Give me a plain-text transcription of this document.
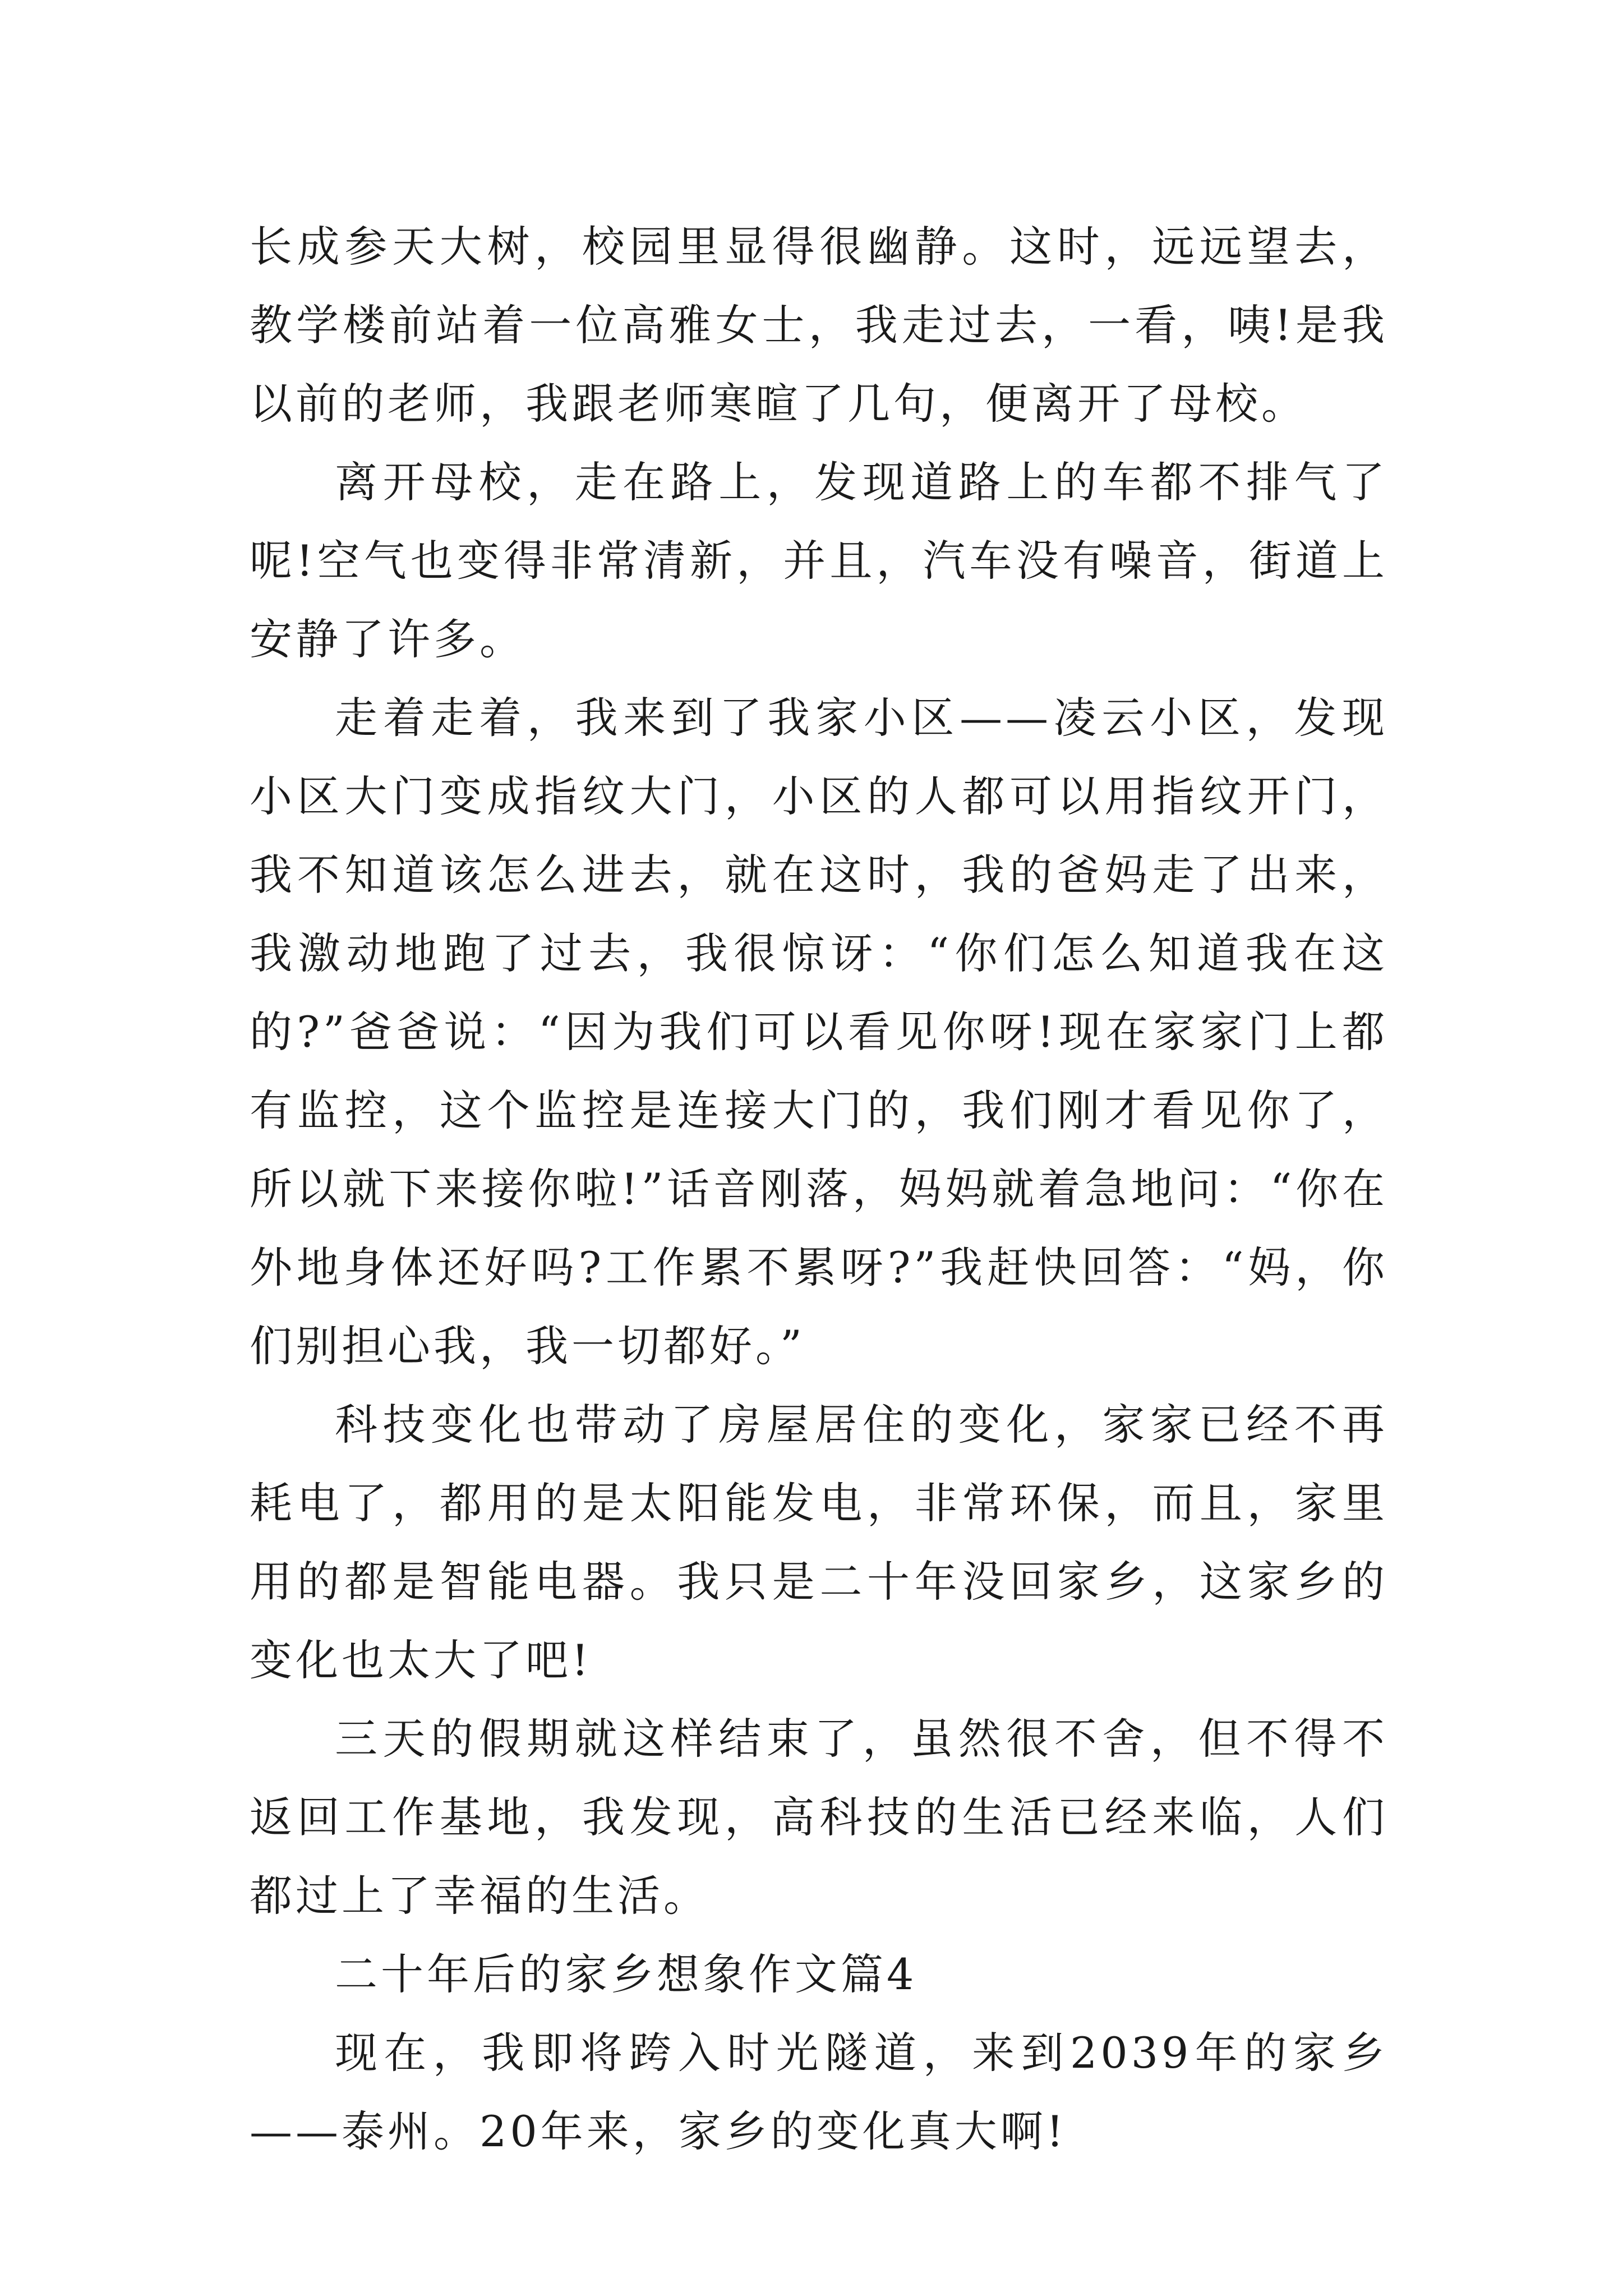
长成参天大树，校园里显得很幽静。这时，远远望去，教学楼前站着一位高雅女士，我走过去，一看，咦!是我以前的老师，我跟老师寒暄了几句，便离开了母校。

离开母校，走在路上，发现道路上的车都不排气了呢!空气也变得非常清新，并且，汽车没有噪音，街道上安静了许多。

走着走着，我来到了我家小区——凌云小区，发现小区大门变成指纹大门，小区的人都可以用指纹开门，我不知道该怎么进去，就在这时，我的爸妈走了出来，我激动地跑了过去，我很惊讶：“你们怎么知道我在这的?”爸爸说：“因为我们可以看见你呀!现在家家门上都有监控，这个监控是连接大门的，我们刚才看见你了，所以就下来接你啦!”话音刚落，妈妈就着急地问：“你在外地身体还好吗?工作累不累呀?”我赶快回答：“妈，你们别担心我，我一切都好。”

科技变化也带动了房屋居住的变化，家家已经不再耗电了，都用的是太阳能发电，非常环保，而且，家里用的都是智能电器。我只是二十年没回家乡，这家乡的变化也太大了吧!

三天的假期就这样结束了，虽然很不舍，但不得不返回工作基地，我发现，高科技的生活已经来临，人们都过上了幸福的生活。

二十年后的家乡想象作文篇4

现在，我即将跨入时光隧道，来到2039年的家乡——泰州。20年来，家乡的变化真大啊!
